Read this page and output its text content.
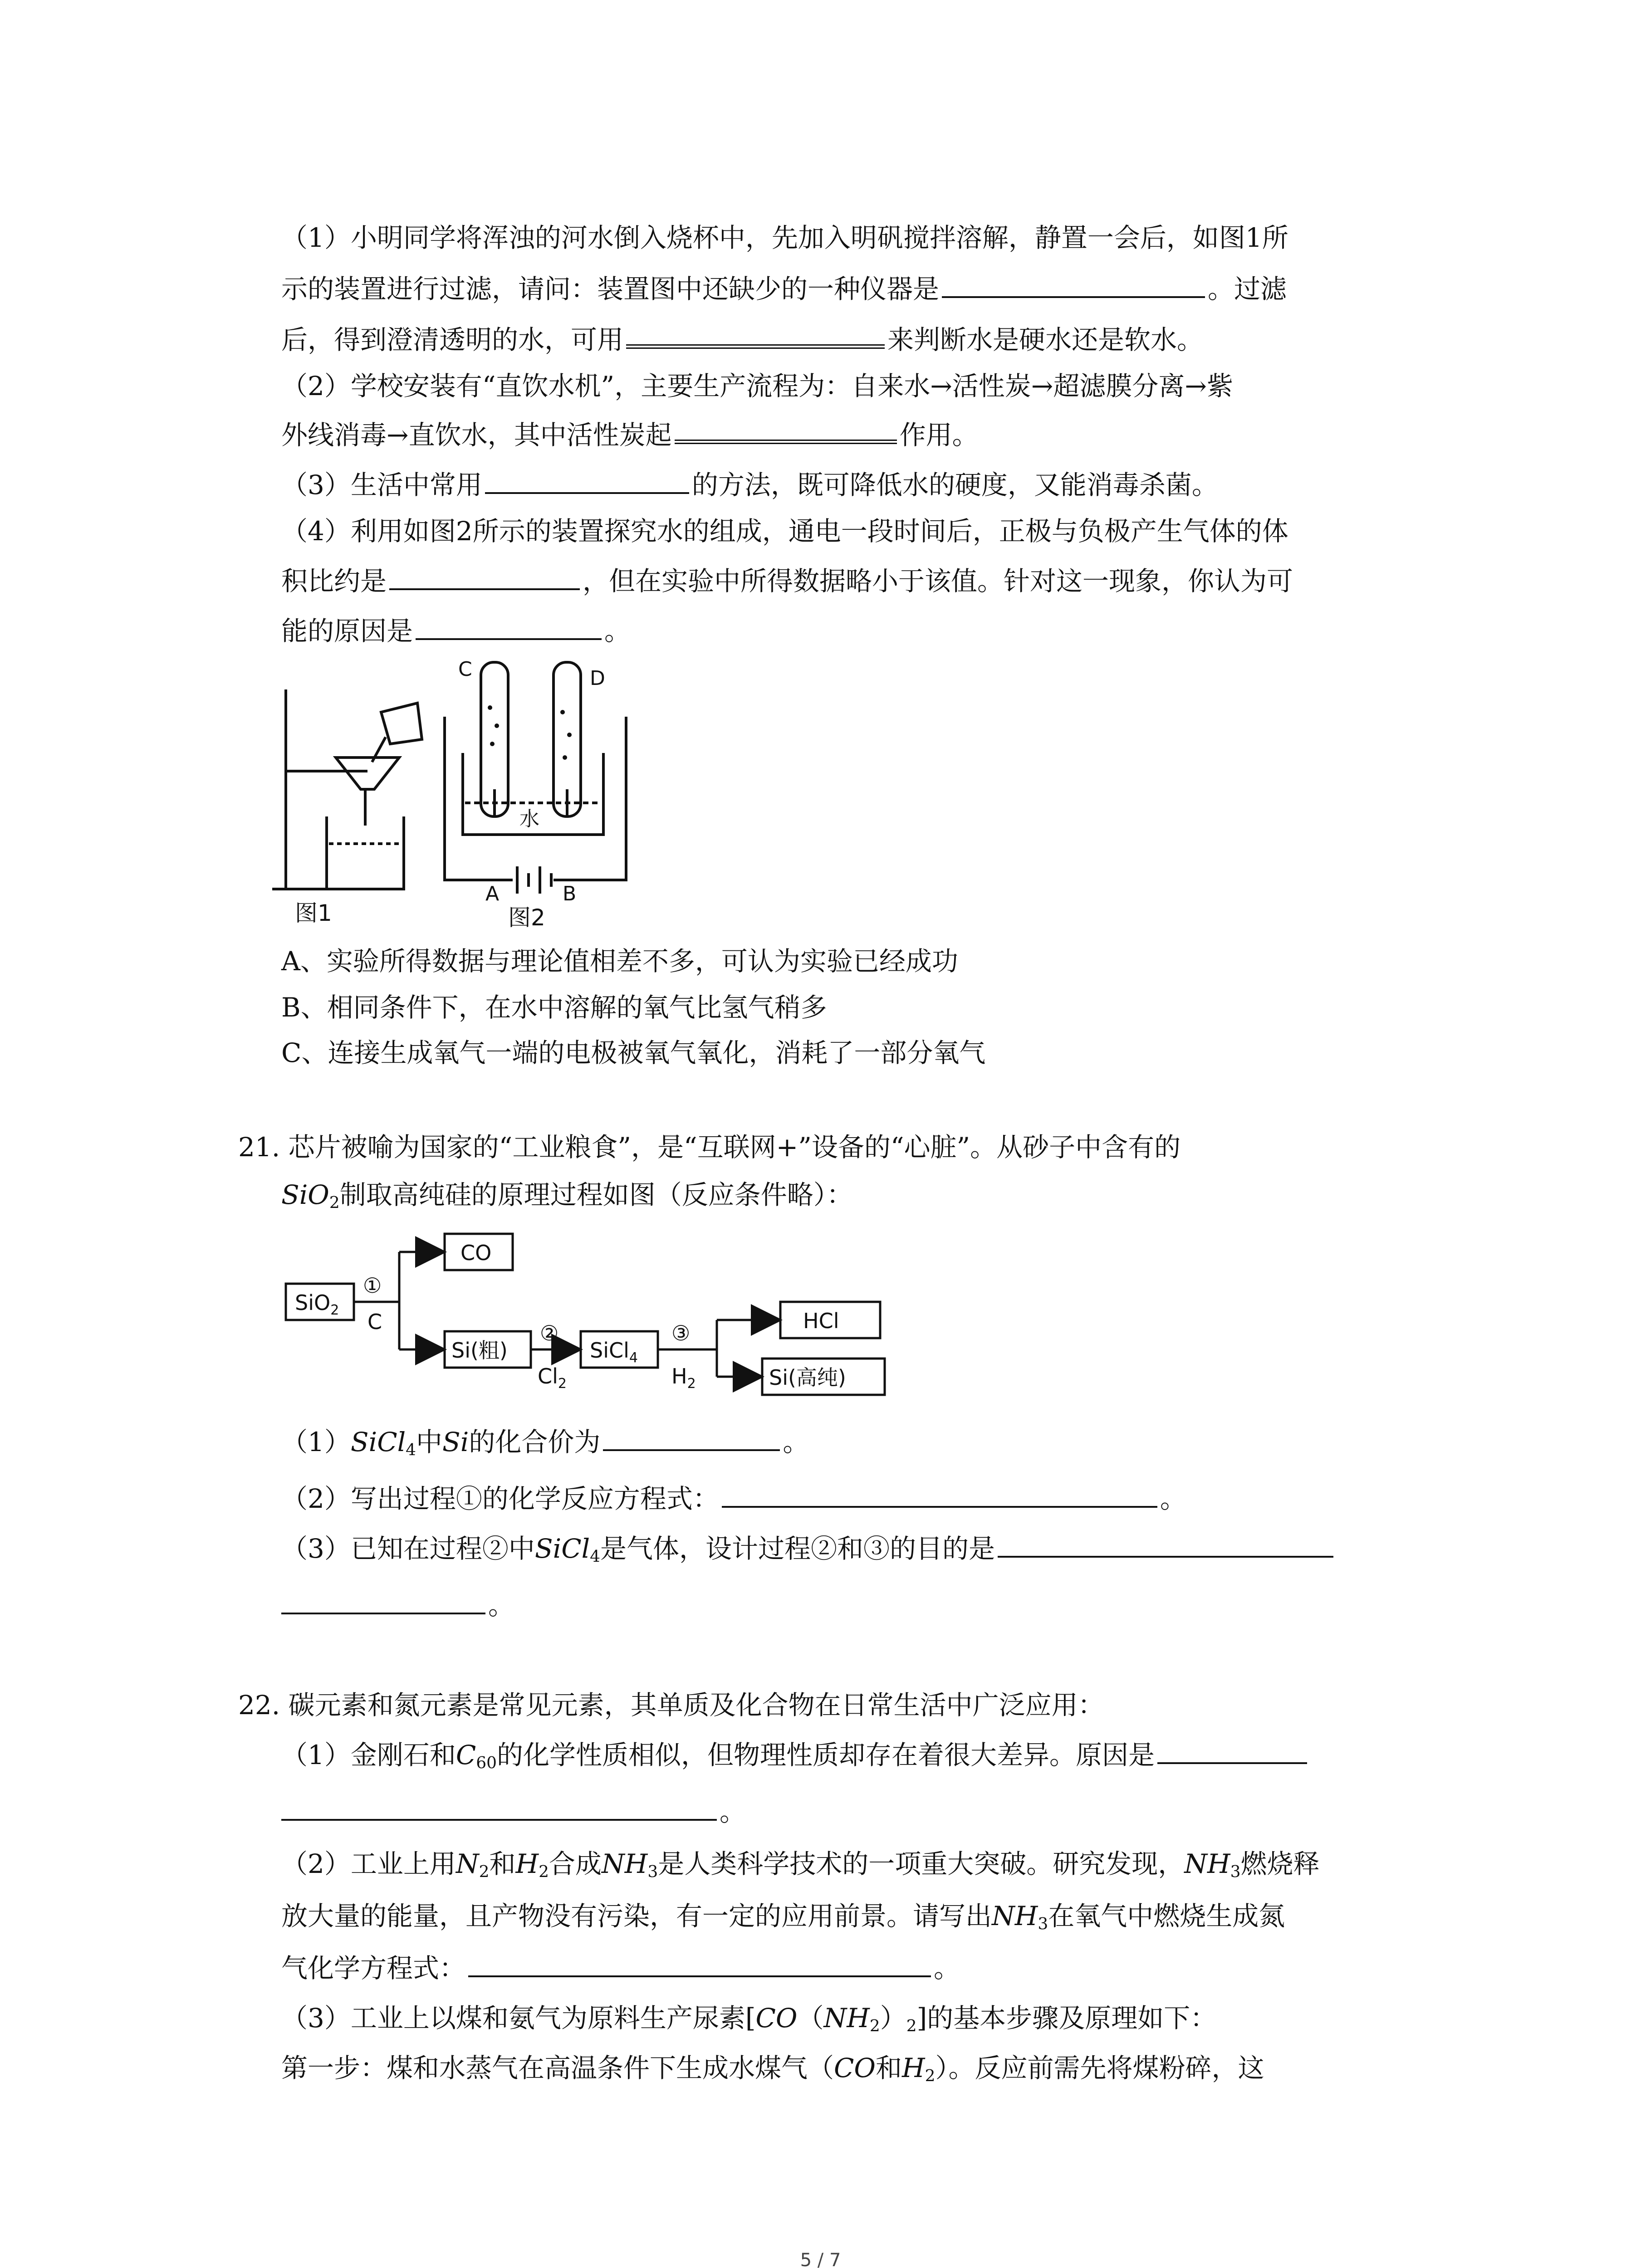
（1）小明同学将浑浊的河水倒入烧杯中，先加入明矾搅拌溶解，静置一会后，如图1所
示的装置进行过滤，请问：装置图中还缺少的一种仪器是	。过滤
后，得到澄清透明的水，可用	来判断水是硬水还是软水。
（2）学校安装有“直饮水机”，主要生产流程为：自来水→活性炭→超滤膜分离→紫
外线消毒→直饮水，其中活性炭起	作用。
（3）生活中常用	的方法，既可降低水的硬度，又能消毒杀菌。
（4）利用如图2所示的装置探究水的组成，通电一段时间后，正极与负极产生气体的体
积比约是	，但在实验中所得数据略小于该值。针对这一现象，你认为可
能的原因是	。
图1
C	D
水
A	B
图2
A、实验所得数据与理论值相差不多，可认为实验已经成功
B、相同条件下，在水中溶解的氧气比氢气稍多
C、连接生成氧气一端的电极被氧气氧化，消耗了一部分氧气
21. 芯片被喻为国家的“工业粮食”，是“互联网+”设备的“心脏”。从砂子中含有的
SiO$_2$制取高纯硅的原理过程如图（反应条件略）：
SiO$_2$
CO
Si(粗)	SiCl$_4$
HCl
Si(高纯)
①
C	②
$Cl_2$
③
$H_2$
（1）SiCl$_4$中Si的化合价为	。
（2）写出过程①的化学反应方程式：	。
（3）已知在过程②中SiCl$_4$是气体，设计过程②和③的目的是
。
22. 碳元素和氮元素是常见元素，其单质及化合物在日常生活中广泛应用：
（1）金刚石和$C_{60}$的化学性质相似，但物理性质却存在着很大差异。原因是
。
（2）工业上用$N_2$和$H_2$合成$NH_3$是人类科学技术的一项重大突破。研究发现，$NH_3$燃烧释
放大量的能量，且产物没有污染，有一定的应用前景。请写出$NH_3$在氧气中燃烧生成氮
气化学方程式：	。
（3）工业上以煤和氨气为原料生产尿素$[CO(NH_2)_2]$的基本步骤及原理如下：
第一步：煤和水蒸气在高温条件下生成水煤气（CO和$H_2$）。反应前需先将煤粉碎，这
5 / 7
